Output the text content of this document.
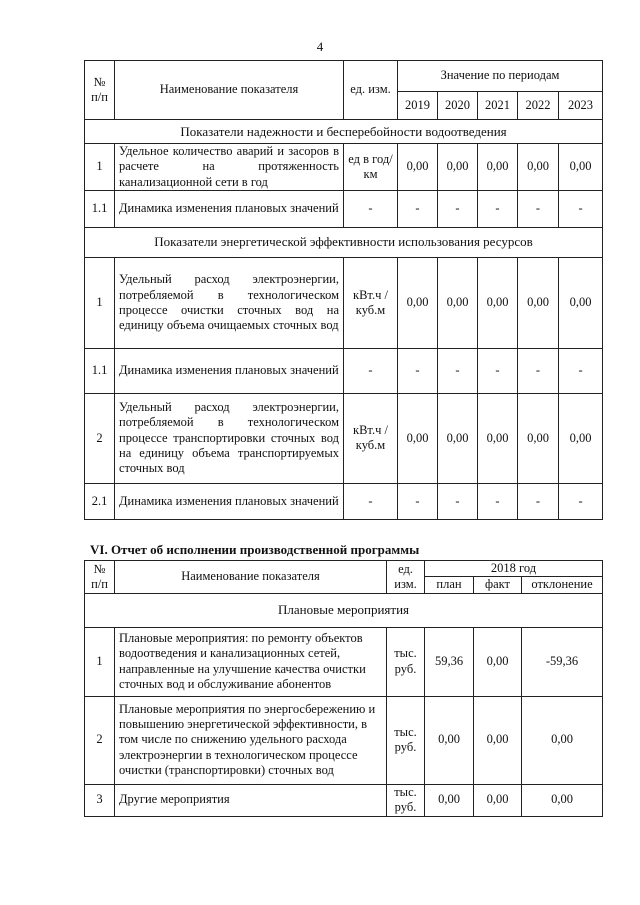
4
№ п/п	Наименование показателя	ед. изм.	Значение по периодам				
			2019	2020	2021	2022	2023
Показатели надежности и бесперебойности водоотведения							
1	Удельное количество аварий и засоров в расчете на протяженность канализационной сети в год	ед в год/ км	0,00	0,00	0,00	0,00	0,00
1.1	Динамика изменения плановых значений	-	-	-	-	-	-
Показатели энергетической эффективности использования ресурсов							
1	Удельный расход электроэнергии, потребляемой в технологическом процессе очистки сточных вод на единицу объема очищаемых сточных вод	кВт.ч / куб.м	0,00	0,00	0,00	0,00	0,00
1.1	Динамика изменения плановых значений	-	-	-	-	-	-
2	Удельный расход электроэнергии, потребляемой в технологическом процессе транспортировки сточных вод на единицу объема транспортируемых сточных вод	кВт.ч / куб.м	0,00	0,00	0,00	0,00	0,00
2.1	Динамика изменения плановых значений	-	-	-	-	-	-
VI. Отчет об исполнении производственной программы
№ п/п	Наименование показателя	ед. изм.	2018 год		
			план	факт	отклонение
Плановые мероприятия					
1	Плановые мероприятия: по ремонту объектов водоотведения и канализационных сетей, направленные на улучшение качества очистки сточных вод и обслуживание абонентов	тыс. руб.	59,36	0,00	-59,36
2	Плановые мероприятия по энергосбережению и повышению энергетической эффективности, в том числе по снижению удельного расхода электроэнергии в технологическом процессе очистки (транспортировки) сточных вод	тыс. руб.	0,00	0,00	0,00
3	Другие мероприятия	тыс. руб.	0,00	0,00	0,00
